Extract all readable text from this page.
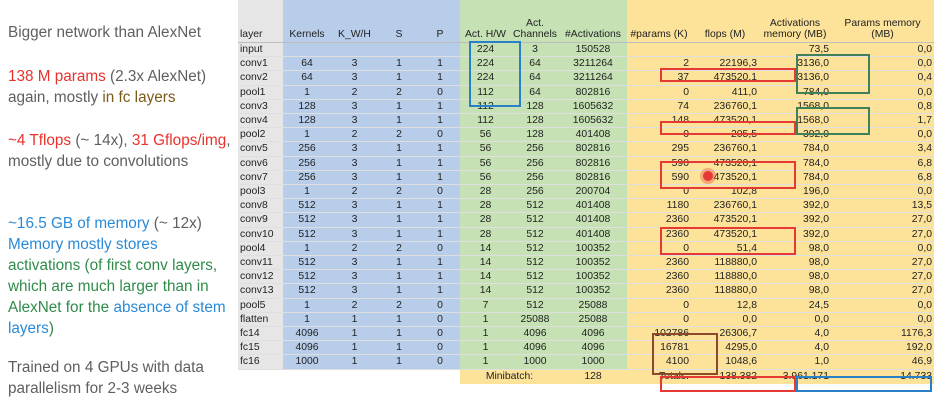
Bigger network than AlexNet
138 M params (2.3x AlexNet) again, mostly in fc layers
~4 Tflops (~ 14x), 31 Gflops/img, mostly due to convolutions
~16.5 GB of memory (~ 12x) Memory mostly stores activations (of first conv layers, which are much larger than in AlexNet for the absence of stem layers)
Trained on 4 GPUs with data parallelism for 2-3 weeks
layer	Kernels	K_W/H	S	P	Act. H/W	Act. Channels	#Activations	#params (K)	flops (M)	Activations memory (MB)	Params memory (MB)
input					224	3	150528			73,5	0,0
conv1	64	3	1	1	224	64	3211264	2	22196,3	3136,0	0,0
conv2	64	3	1	1	224	64	3211264	37	473520,1	3136,0	0,4
pool1	1	2	2	0	112	64	802816	0	411,0	784,0	0,0
conv3	128	3	1	1	112	128	1605632	74	236760,1	1568,0	0,8
conv4	128	3	1	1	112	128	1605632	148	473520,1	1568,0	1,7
pool2	1	2	2	0	56	128	401408	0	205,5	392,0	0,0
conv5	256	3	1	1	56	256	802816	295	236760,1	784,0	3,4
conv6	256	3	1	1	56	256	802816	590	473520,1	784,0	6,8
conv7	256	3	1	1	56	256	802816	590	473520,1	784,0	6,8
pool3	1	2	2	0	28	256	200704	0	102,8	196,0	0,0
conv8	512	3	1	1	28	512	401408	1180	236760,1	392,0	13,5
conv9	512	3	1	1	28	512	401408	2360	473520,1	392,0	27,0
conv10	512	3	1	1	28	512	401408	2360	473520,1	392,0	27,0
pool4	1	2	2	0	14	512	100352	0	51,4	98,0	0,0
conv11	512	3	1	1	14	512	100352	2360	118880,0	98,0	27,0
conv12	512	3	1	1	14	512	100352	2360	118880,0	98,0	27,0
conv13	512	3	1	1	14	512	100352	2360	118880,0	98,0	27,0
pool5	1	2	2	0	7	512	25088	0	12,8	24,5	0,0
flatten	1	1	1	0	1	25088	25088	0	0,0	0,0	0,0
fc14	4096	1	1	0	1	4096	4096	102786	26306,7	4,0	1176,3
fc15	4096	1	1	0	1	4096	4096	16781	4295,0	4,0	192,0
fc16	1000	1	1	0	1	1000	1000	4100	1048,6	1,0	46,9
					Minibatch:		128	Totals:	138.382	3.961.171	14.733
